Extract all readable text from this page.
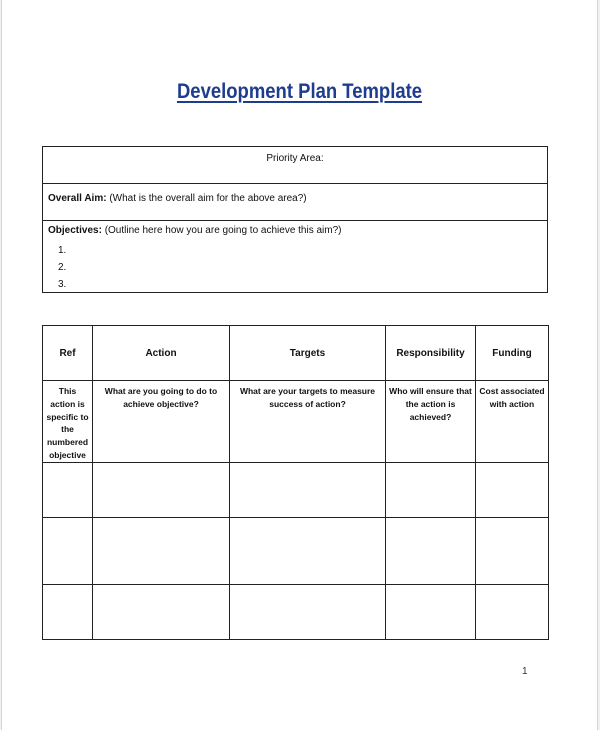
Development Plan Template
Priority Area:
Overall Aim: (What is the overall aim for the above area?)
Objectives: (Outline here how you are going to achieve this aim?)
1.
2.
3.
Ref	Action	Targets	Responsibility	Funding
This action is specific to the numbered objective	What are you going to do to achieve objective?	What are your targets to measure success of action?	Who will ensure that the action is achieved?	Cost associated with action

1
